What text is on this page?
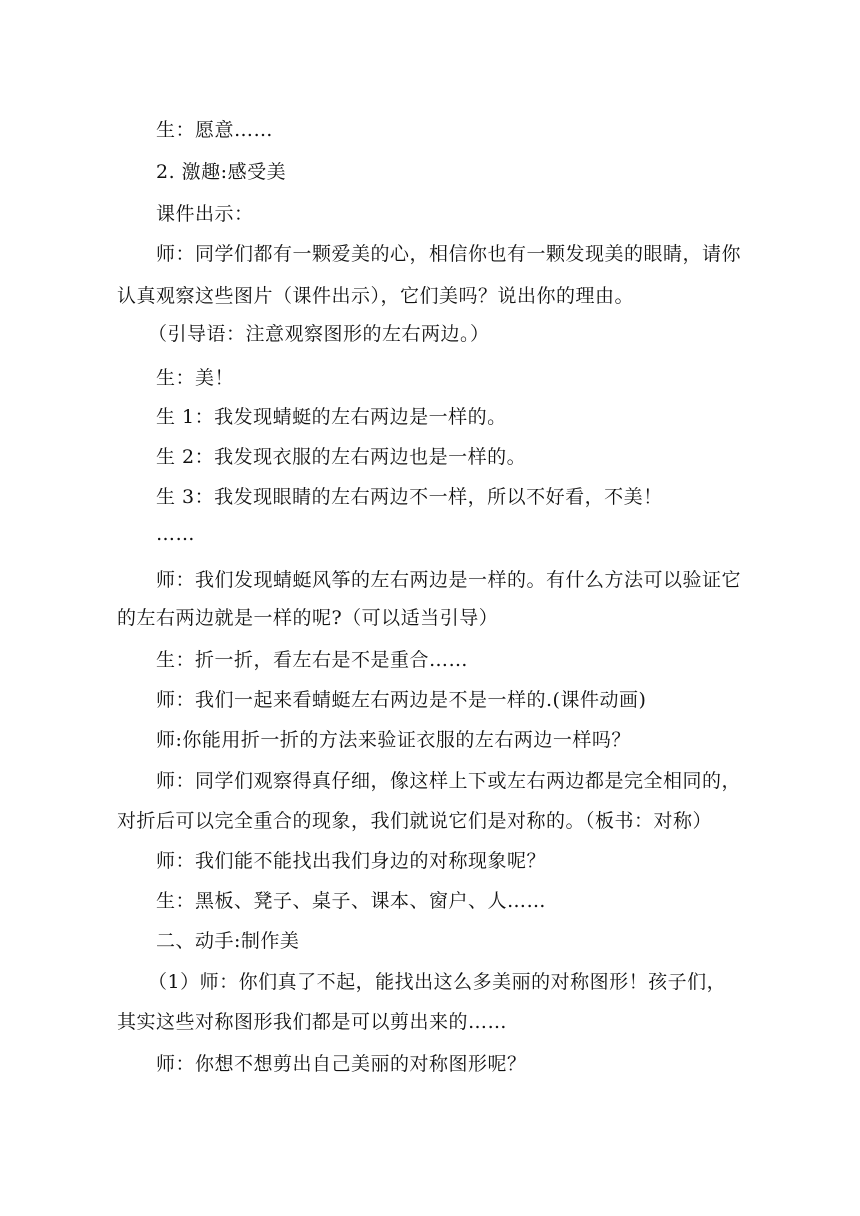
生：愿意……
2. 激趣:感受美
课件出示：
师：同学们都有一颗爱美的心，相信你也有一颗发现美的眼睛，请你
认真观察这些图片（课件出示），它们美吗？说出你的理由。
（引导语：注意观察图形的左右两边。）
生：美！
生 1：我发现蜻蜓的左右两边是一样的。
生 2：我发现衣服的左右两边也是一样的。
生 3：我发现眼睛的左右两边不一样，所以不好看，不美！
……
师：我们发现蜻蜓风筝的左右两边是一样的。有什么方法可以验证它
的左右两边就是一样的呢?（可以适当引导）
生：折一折，看左右是不是重合……
师：我们一起来看蜻蜓左右两边是不是一样的.(课件动画)
师:你能用折一折的方法来验证衣服的左右两边一样吗？
师：同学们观察得真仔细，像这样上下或左右两边都是完全相同的，
对折后可以完全重合的现象，我们就说它们是对称的。（板书：对称）
师：我们能不能找出我们身边的对称现象呢？
生：黑板、凳子、桌子、课本、窗户、人……
二、动手:制作美
（1）师：你们真了不起，能找出这么多美丽的对称图形！孩子们，
其实这些对称图形我们都是可以剪出来的……
师：你想不想剪出自己美丽的对称图形呢？
